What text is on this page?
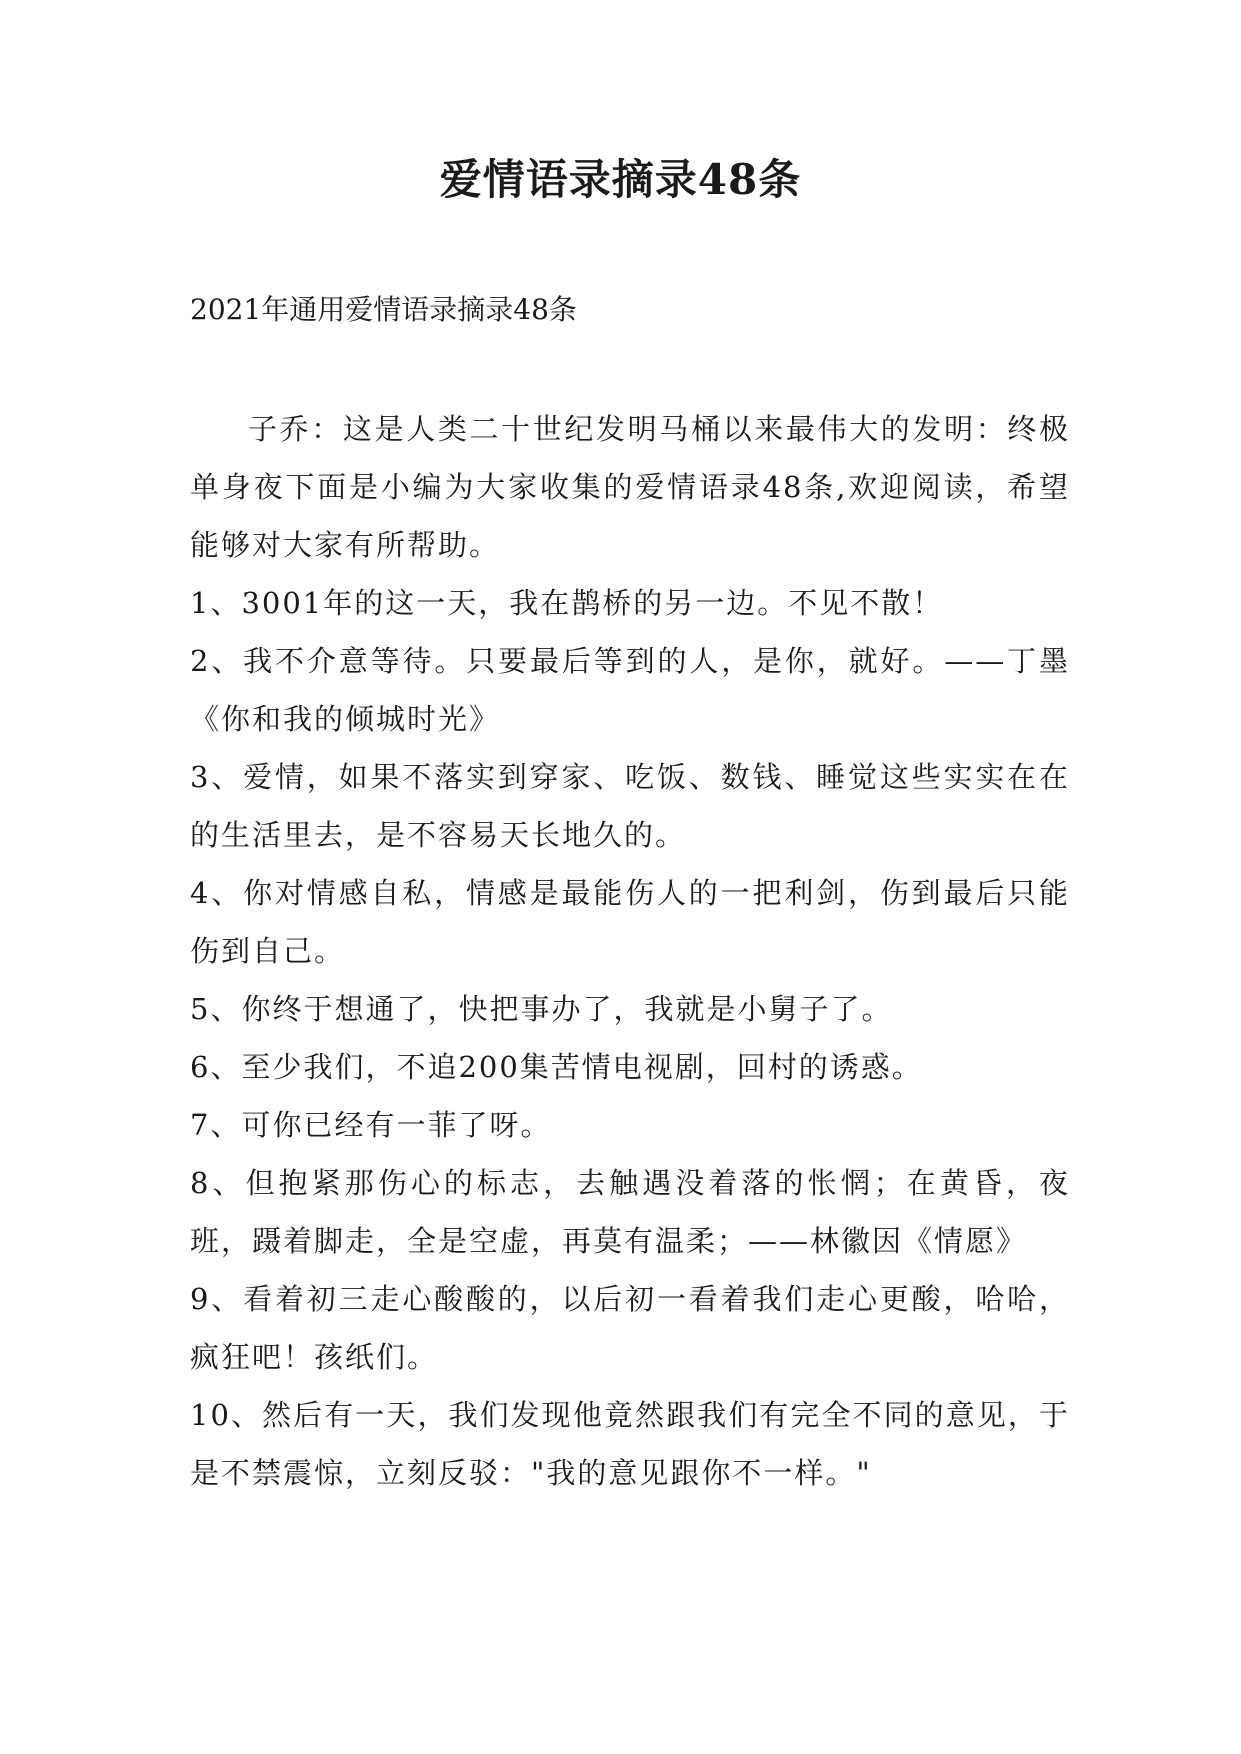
爱情语录摘录48条

2021年通用爱情语录摘录48条

子乔：这是人类二十世纪发明马桶以来最伟大的发明：终极单身夜下面是小编为大家收集的爱情语录48条,欢迎阅读，希望能够对大家有所帮助。

1、3001年的这一天，我在鹊桥的另一边。不见不散！

2、我不介意等待。只要最后等到的人，是你，就好。——丁墨《你和我的倾城时光》

3、爱情，如果不落实到穿家、吃饭、数钱、睡觉这些实实在在的生活里去，是不容易天长地久的。

4、你对情感自私，情感是最能伤人的一把利剑，伤到最后只能伤到自己。

5、你终于想通了，快把事办了，我就是小舅子了。

6、至少我们，不追200集苦情电视剧，回村的诱惑。

7、可你已经有一菲了呀。

8、但抱紧那伤心的标志，去触遇没着落的怅惘；在黄昏，夜班，蹑着脚走，全是空虚，再莫有温柔；——林徽因《情愿》

9、看着初三走心酸酸的，以后初一看着我们走心更酸，哈哈，疯狂吧！孩纸们。

10、然后有一天，我们发现他竟然跟我们有完全不同的意见，于是不禁震惊，立刻反驳："我的意见跟你不一样。"
